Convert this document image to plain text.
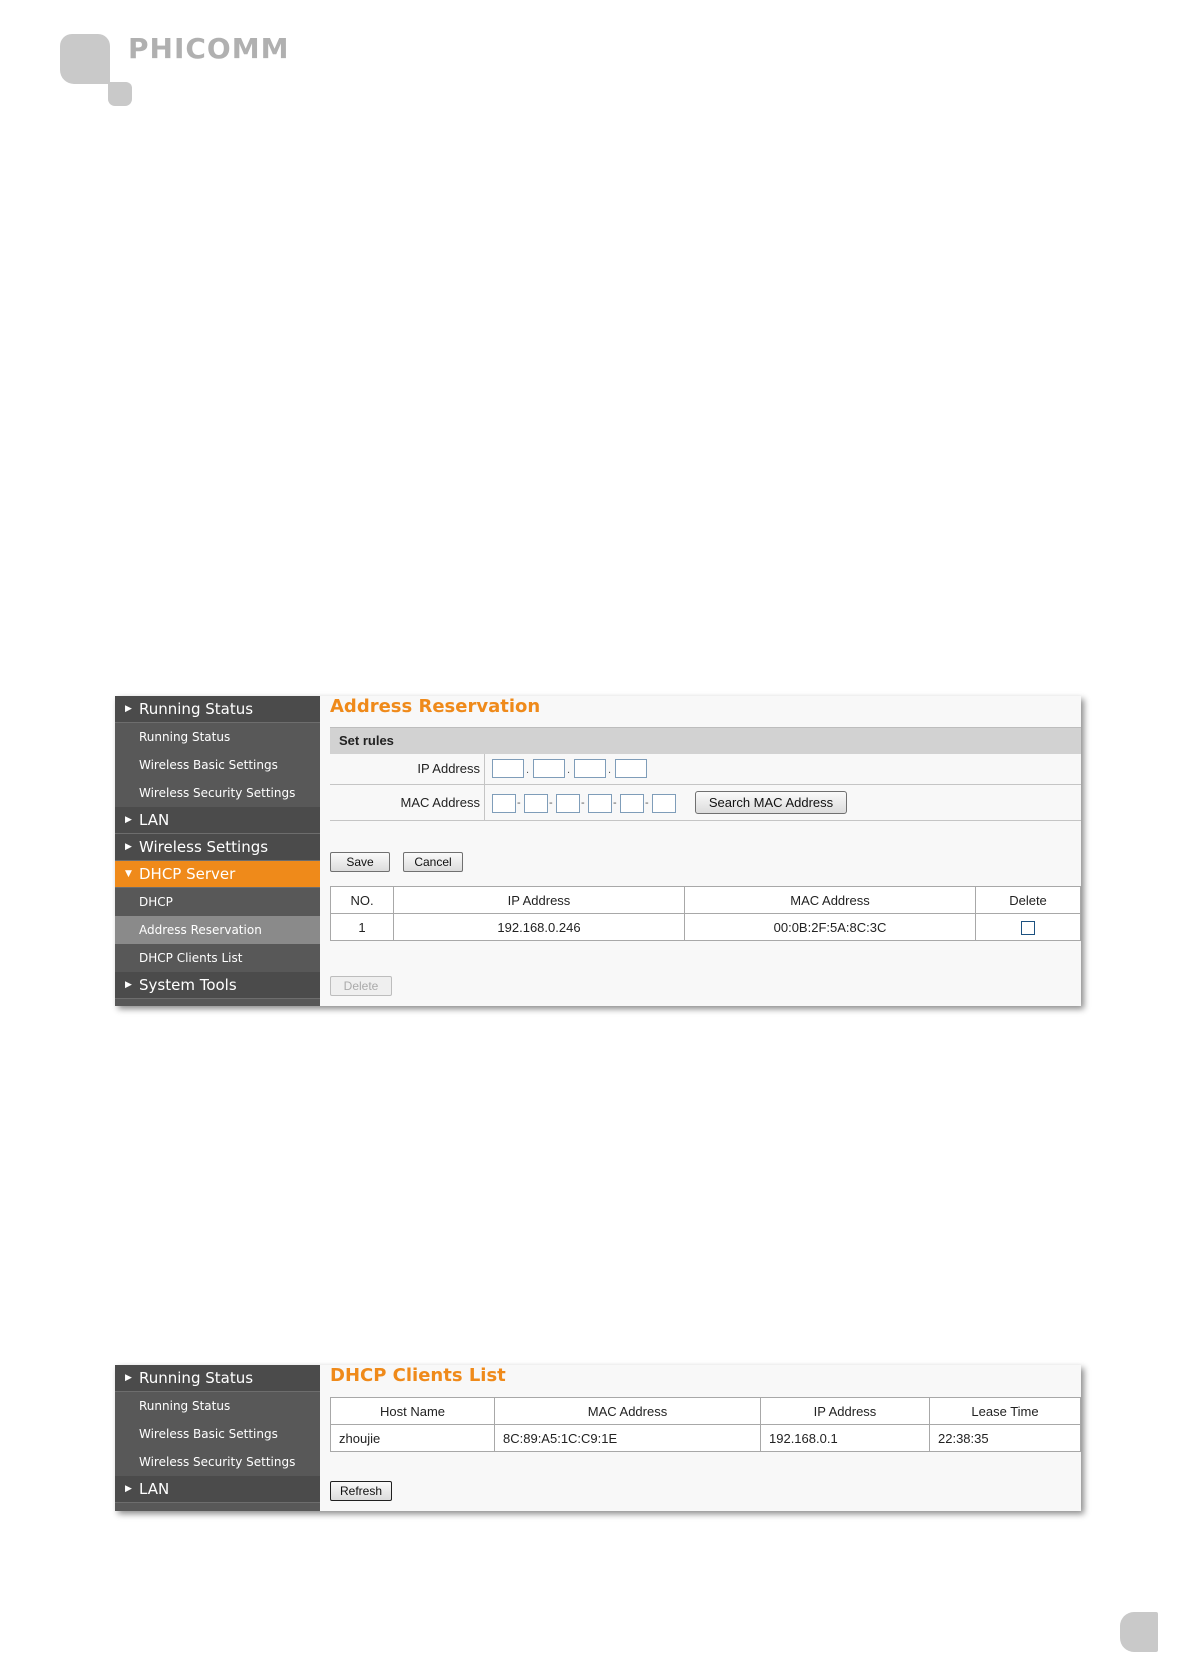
PHICOMM
▶ Running Status
Running Status
Wireless Basic Settings
Wireless Security Settings
▶ LAN
▶ Wireless Settings
▼ DHCP Server
DHCP
Address Reservation
DHCP Clients List
▶ System Tools
Address Reservation
Set rules
IP Address	.	.	.
MAC Address	-	-	-	-	-	Search MAC Address
Save	Cancel
NO.	IP Address	MAC Address	Delete
1	192.168.0.246	00:0B:2F:5A:8C:3C	
Delete
▶ Running Status
Running Status
Wireless Basic Settings
Wireless Security Settings
▶ LAN
DHCP Clients List
Host Name	MAC Address	IP Address	Lease Time
zhoujie	8C:89:A5:1C:C9:1E	192.168.0.1	22:38:35
Refresh
